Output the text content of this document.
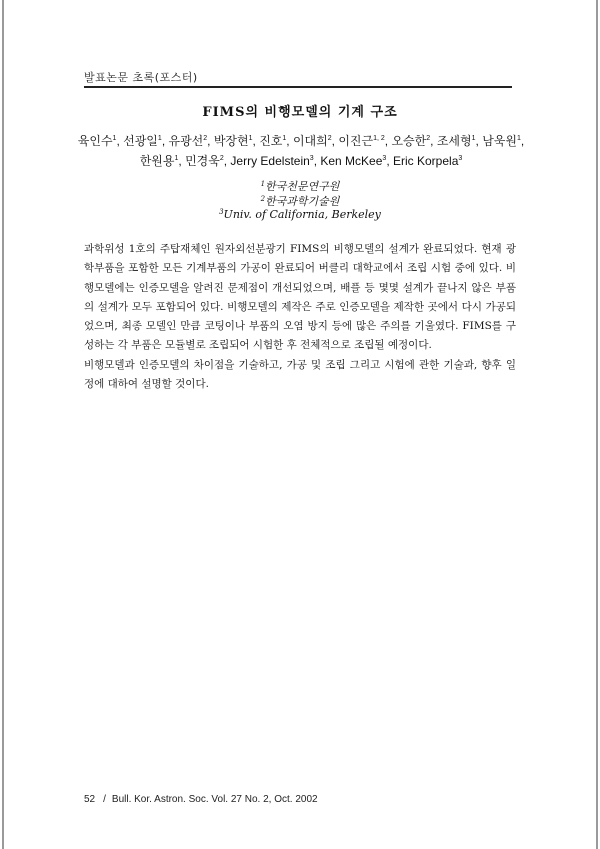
발표논문 초록(포스터)
FIMS의 비행모델의 기계 구조
육인수$^1$, 선광일$^1$, 유광선$^2$, 박장현$^1$, 진호$^1$, 이대희$^2$, 이진근$^{1, 2}$, 오승한$^2$, 조세형$^1$, 남욱원$^1$,
한원용$^1$, 민경욱$^2$, Jerry Edelstein$^3$, Ken McKee$^3$, Eric Korpela$^3$
$^1$한국천문연구원
$^2$한국과학기술원
$^3$Univ. of California, Berkeley

과학위성 1호의 주탑재체인 원자외선분광기 FIMS의 비행모델의 설계가 완료되었다. 현재 광학부품을 포함한 모든 기계부품의 가공이 완료되어 버클리 대학교에서 조립 시험 중에 있다. 비행모델에는 인증모델을 알려진 문제점이 개선되었으며, 배플 등 몇몇 설계가 끝나지 않은 부품의 설계가 모두 포함되어 있다. 비행모델의 제작은 주로 인증모델을 제작한 곳에서 다시 가공되었으며, 최종 모델인 만큼 코팅이나 부품의 오염 방지 등에 많은 주의를 기울였다. FIMS를 구성하는 각 부품은 모듈별로 조립되어 시험한 후 전체적으로 조립될 예정이다.

비행모델과 인증모델의 차이점을 기술하고, 가공 및 조립 그리고 시험에 관한 기술과, 향후 일정에 대하여 설명할 것이다.

52 / Bull. Kor. Astron. Soc. Vol. 27 No. 2, Oct. 2002
